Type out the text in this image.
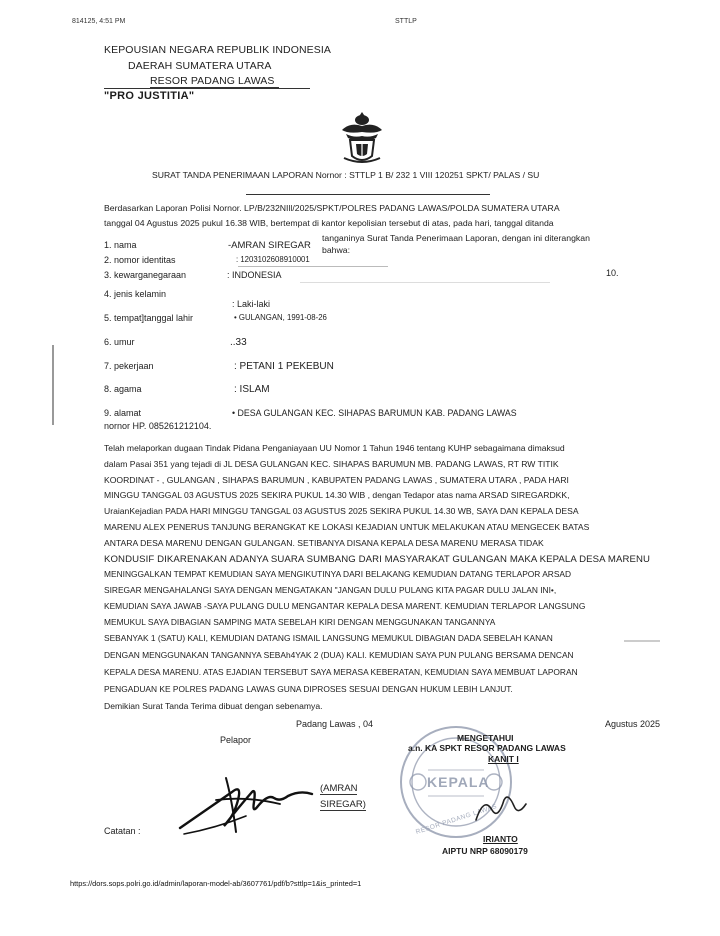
814125, 4:51 PM	STTLP
KEPOUSIAN NEGARA REPUBLIK INDONESIA
DAERAH SUMATERA UTARA
RESOR PADANG LAWAS
"PRO JUSTITIA"
SURAT TANDA PENERIMAAN LAPORAN Nornor : STTLP 1 B/ 232 1 VIII 120251 SPKT/ PALAS / SU
Berdasarkan Laporan Polisi Nornor. LP/B/232NIll/2025/SPKT/POLRES PADANG LAWAS/POLDA SUMATERA UTARA
tanggal 04 Agustus 2025 pukul 16.38 WIB, bertempat di kantor kepolisian tersebut di atas, pada hari, tanggal ditanda
tanganinya Surat Tanda Penerimaan Laporan, dengan ini diterangkan
bahwa:
1. nama	-AMRAN SIREGAR
2. nomor identitas	: 1203102608910001
3. kewarganegaraan	: INDONESIA	10.
4. jenis kelamin
: Laki-laki
5. tempat]tanggal lahir	• GULANGAN, 1991-08-26
6. umur	..33
7. pekerjaan	: PETANI 1 PEKEBUN
8. agama	: ISLAM
9. alamat	• DESA GULANGAN KEC. SIHAPAS BARUMUN KAB. PADANG LAWAS
nornor HP. 085261212104.
Telah melaporkan dugaan Tindak Pidana Penganiayaan UU Nomor 1 Tahun 1946 tentang KUHP sebagaimana dimaksud
dalam Pasai 351 yang tejadi di JL DESA GULANGAN KEC. SIHAPAS BARUMUN MB. PADANG LAWAS, RT RW TITIK
KOORDINAT - , GULANGAN , SIHAPAS BARUMUN , KABUPATEN PADANG LAWAS , SUMATERA UTARA , PADA HARI
MINGGU TANGGAL 03 AGUSTUS 2025 SEKIRA PUKUL 14.30 WIB , dengan Tedapor atas nama ARSAD SIREGARDKK,
UraianKejadian PADA HARI MINGGU TANGGAL 03 AGUSTUS 2025 SEKIRA PUKUL 14.30 WB, SAYA DAN KEPALA DESA
MARENU ALEX PENERUS TANJUNG BERANGKAT KE LOKASI KEJADIAN UNTUK MELAKUKAN ATAU MENGECEK BATAS
ANTARA DESA MARENU DENGAN GULANGAN. SETIBANYA DISANA KEPALA DESA MARENU MERASA TIDAK
KONDUSIF DIKARENAKAN ADANYA SUARA SUMBANG DARI MASYARAKAT GULANGAN MAKA KEPALA DESA MARENU
MENINGGALKAN TEMPAT KEMUDIAN SAYA MENGIKUTINYA DARI BELAKANG KEMUDIAN DATANG TERLAPOR ARSAD
SIREGAR MENGAHALANGI SAYA DENGAN MENGATAKAN "JANGAN DULU PULANG KITA PAGAR DULU JALAN INI•,
KEMUDIAN SAYA JAWAB -SAYA PULANG DULU MENGANTAR KEPALA DESA MARENT. KEMUDIAN TERLAPOR LANGSUNG
MEMUKUL SAYA DIBAGIAN SAMPING MATA SEBELAH KIRI DENGAN MENGGUNAKAN TANGANNYA
SEBANYAK 1 (SATU) KALI, KEMUDIAN DATANG ISMAIL LANGSUNG MEMUKUL DIBAGtAN DADA SEBELAH KANAN
DENGAN MENGGUNAKAN TANGANNYA SEBAh4YAK 2 (DUA) KALI. KEMUDIAN SAYA PUN PULANG BERSAMA DENCAN
KEPALA DESA MARENU. ATAS EJADIAN TERSEBUT SAYA MERASA KEBERATAN, KEMUDIAN SAYA MEMBUAT LAPORAN
PENGADUAN KE POLRES PADANG LAWAS GUNA DIPROSES SESUAI DENGAN HUKUM LEBIH LANJUT.
Demikian Surat Tanda Terima dibuat dengan sebenamya.
Padang Lawas , 04	Agustus 2025
Pelapor
(AMRAN
SIREGAR)
Catatan :
KEPALA
RESOR PADANG LAWAS
MENGETAHUI
a.n. KA SPKT RESOR PADANG LAWAS
KANIT I
IRIANTO
AIPTU NRP 68090179
https://dors.sops.polri.go.id/admin/laporan-model-ab/3607761/pdf/b?sttlp=1&is_printed=1
